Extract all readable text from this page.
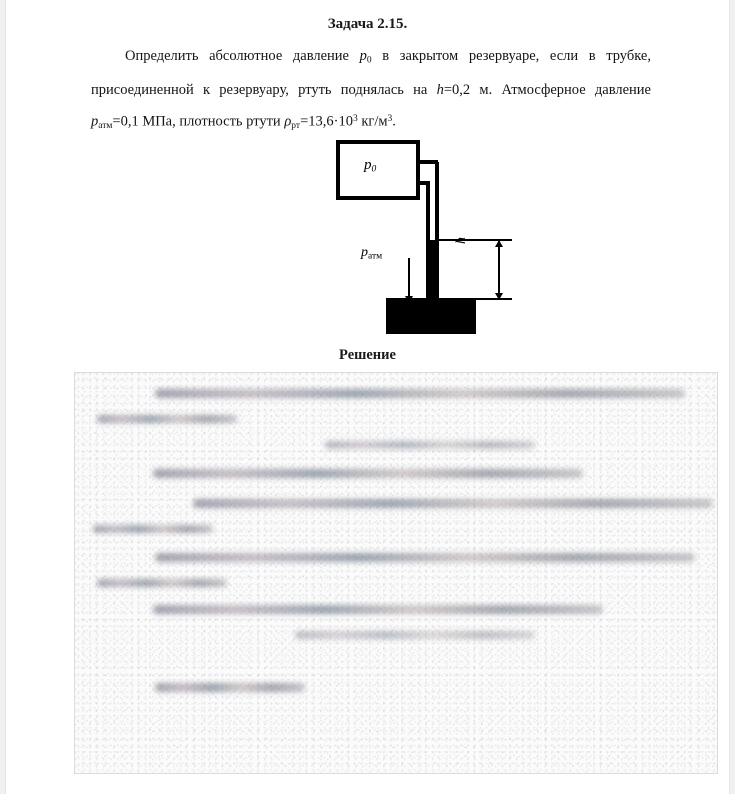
Задача 2.15.
Определить абсолютное давление $p_0$ в закрытом резервуаре, если в трубке, присоединенной к резервуару, ртуть поднялась на h=0,2 м. Атмосферное давление $p_{атм}=0,1$ МПа, плотность ртути $\rho_{рт}=13,6\cdot 10^3$ $кг/м^3$.
$p_0$
$p_{атм}$
h
Решение
